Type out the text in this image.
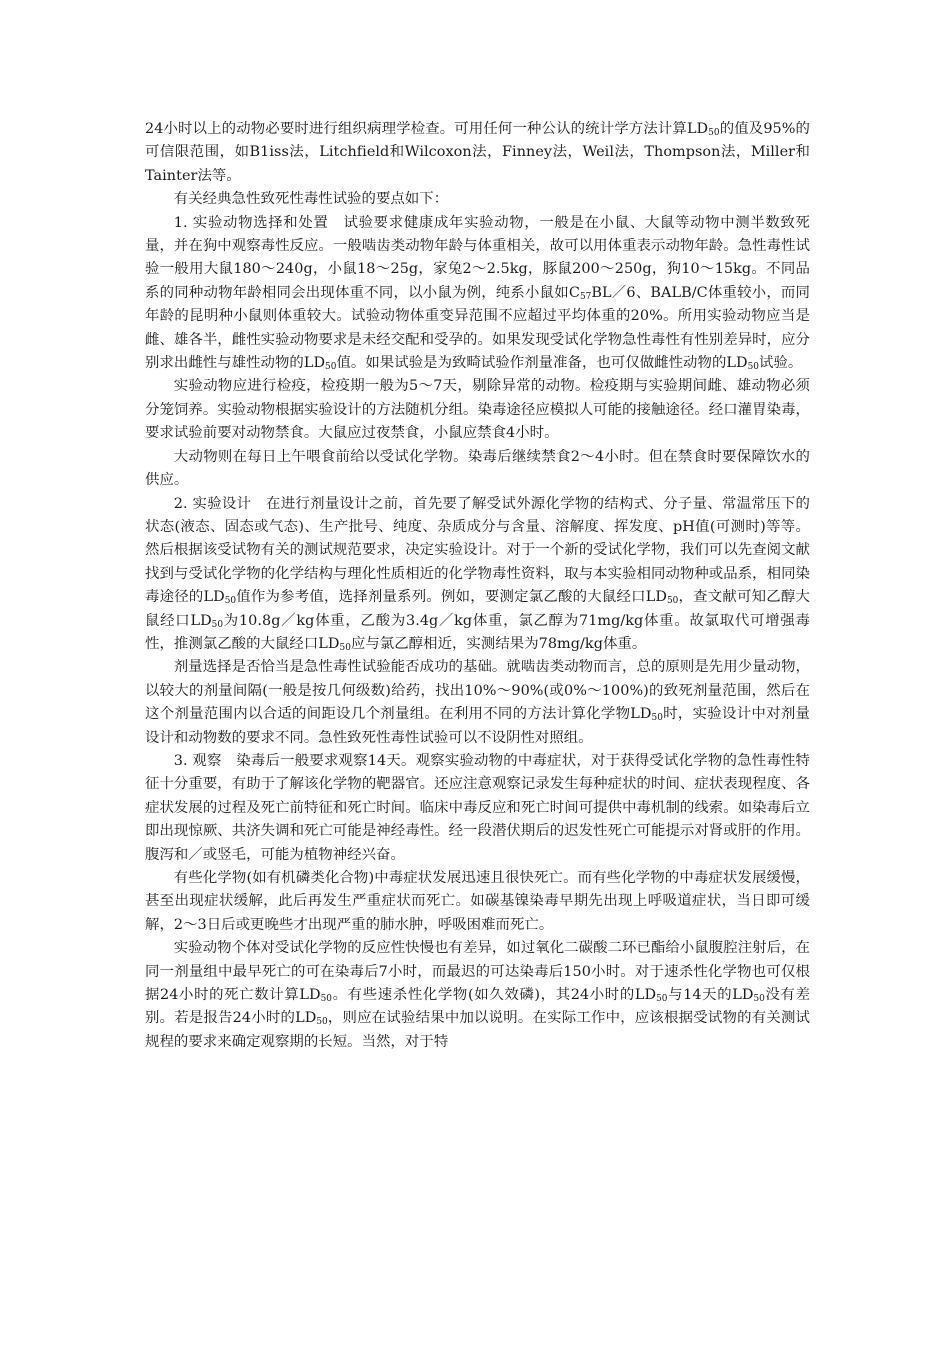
24小时以上的动物必要时进行组织病理学检查。可用任何一种公认的统计学方法计算$LD_{50}$的值及95%的可信限范围，如B1iss法，Litchfield和Wilcoxon法，Finney法，Weil法，Thompson法，Miller和Tainter法等。

有关经典急性致死性毒性试验的要点如下：

1. 实验动物选择和处置　试验要求健康成年实验动物，一般是在小鼠、大鼠等动物中测半数致死量，并在狗中观察毒性反应。一般啮齿类动物年龄与体重相关，故可以用体重表示动物年龄。急性毒性试验一般用大鼠180～240g，小鼠18～25g，家兔2～2.5kg，豚鼠200～250g，狗10～15kg。不同品系的同种动物年龄相同会出现体重不同，以小鼠为例，纯系小鼠如$C_{57}BL/6$、BALB/C体重较小，而同年龄的昆明种小鼠则体重较大。试验动物体重变异范围不应超过平均体重的20%。所用实验动物应当是雌、雄各半，雌性实验动物要求是未经交配和受孕的。如果发现受试化学物急性毒性有性别差异时，应分别求出雌性与雄性动物的$LD_{50}$值。如果试验是为致畸试验作剂量准备，也可仅做雌性动物的$LD_{50}$试验。

实验动物应进行检疫，检疫期一般为5～7天，剔除异常的动物。检疫期与实验期间雌、雄动物必须分笼饲养。实验动物根据实验设计的方法随机分组。染毒途径应模拟人可能的接触途径。经口灌胃染毒，要求试验前要对动物禁食。大鼠应过夜禁食，小鼠应禁食4小时。

大动物则在每日上午喂食前给以受试化学物。染毒后继续禁食2～4小时。但在禁食时要保障饮水的供应。

2. 实验设计　在进行剂量设计之前，首先要了解受试外源化学物的结构式、分子量、常温常压下的状态(液态、固态或气态)、生产批号、纯度、杂质成分与含量、溶解度、挥发度、pH值(可测时)等等。然后根据该受试物有关的测试规范要求，决定实验设计。对于一个新的受试化学物，我们可以先查阅文献找到与受试化学物的化学结构与理化性质相近的化学物毒性资料，取与本实验相同动物种或品系，相同染毒途径的$LD_{50}$值作为参考值，选择剂量系列。例如，要测定氯乙酸的大鼠经口$LD_{50}$，查文献可知乙醇大鼠经口$LD_{50}$为10.8g／kg体重，乙酸为3.4g／kg体重，氯乙醇为71mg/kg体重。故氯取代可增强毒性，推测氯乙酸的大鼠经口$LD_{50}$应与氯乙醇相近，实测结果为78mg/kg体重。

剂量选择是否恰当是急性毒性试验能否成功的基础。就啮齿类动物而言，总的原则是先用少量动物，以较大的剂量间隔(一般是按几何级数)给药，找出10%～90%(或0%～100%)的致死剂量范围，然后在这个剂量范围内以合适的间距设几个剂量组。在利用不同的方法计算化学物$LD_{50}$时，实验设计中对剂量设计和动物数的要求不同。急性致死性毒性试验可以不设阴性对照组。

3. 观察　染毒后一般要求观察14天。观察实验动物的中毒症状，对于获得受试化学物的急性毒性特征十分重要，有助于了解该化学物的靶器官。还应注意观察记录发生每种症状的时间、症状表现程度、各症状发展的过程及死亡前特征和死亡时间。临床中毒反应和死亡时间可提供中毒机制的线索。如染毒后立即出现惊厥、共济失调和死亡可能是神经毒性。经一段潜伏期后的迟发性死亡可能提示对肾或肝的作用。腹泻和／或竖毛，可能为植物神经兴奋。

有些化学物(如有机磷类化合物)中毒症状发展迅速且很快死亡。而有些化学物的中毒症状发展缓慢，甚至出现症状缓解，此后再发生严重症状而死亡。如碳基镍染毒早期先出现上呼吸道症状，当日即可缓解，2～3日后或更晚些才出现严重的肺水肿，呼吸困难而死亡。

实验动物个体对受试化学物的反应性快慢也有差异，如过氧化二碳酸二环已酯给小鼠腹腔注射后，在同一剂量组中最早死亡的可在染毒后7小时，而最迟的可达染毒后150小时。对于速杀性化学物也可仅根据24小时的死亡数计算$LD_{50}$。有些速杀性化学物(如久效磷)，其24小时的$LD_{50}$与14天的$LD_{50}$没有差别。若是报告24小时的$LD_{50}$，则应在试验结果中加以说明。在实际工作中，应该根据受试物的有关测试规程的要求来确定观察期的长短。当然，对于特
